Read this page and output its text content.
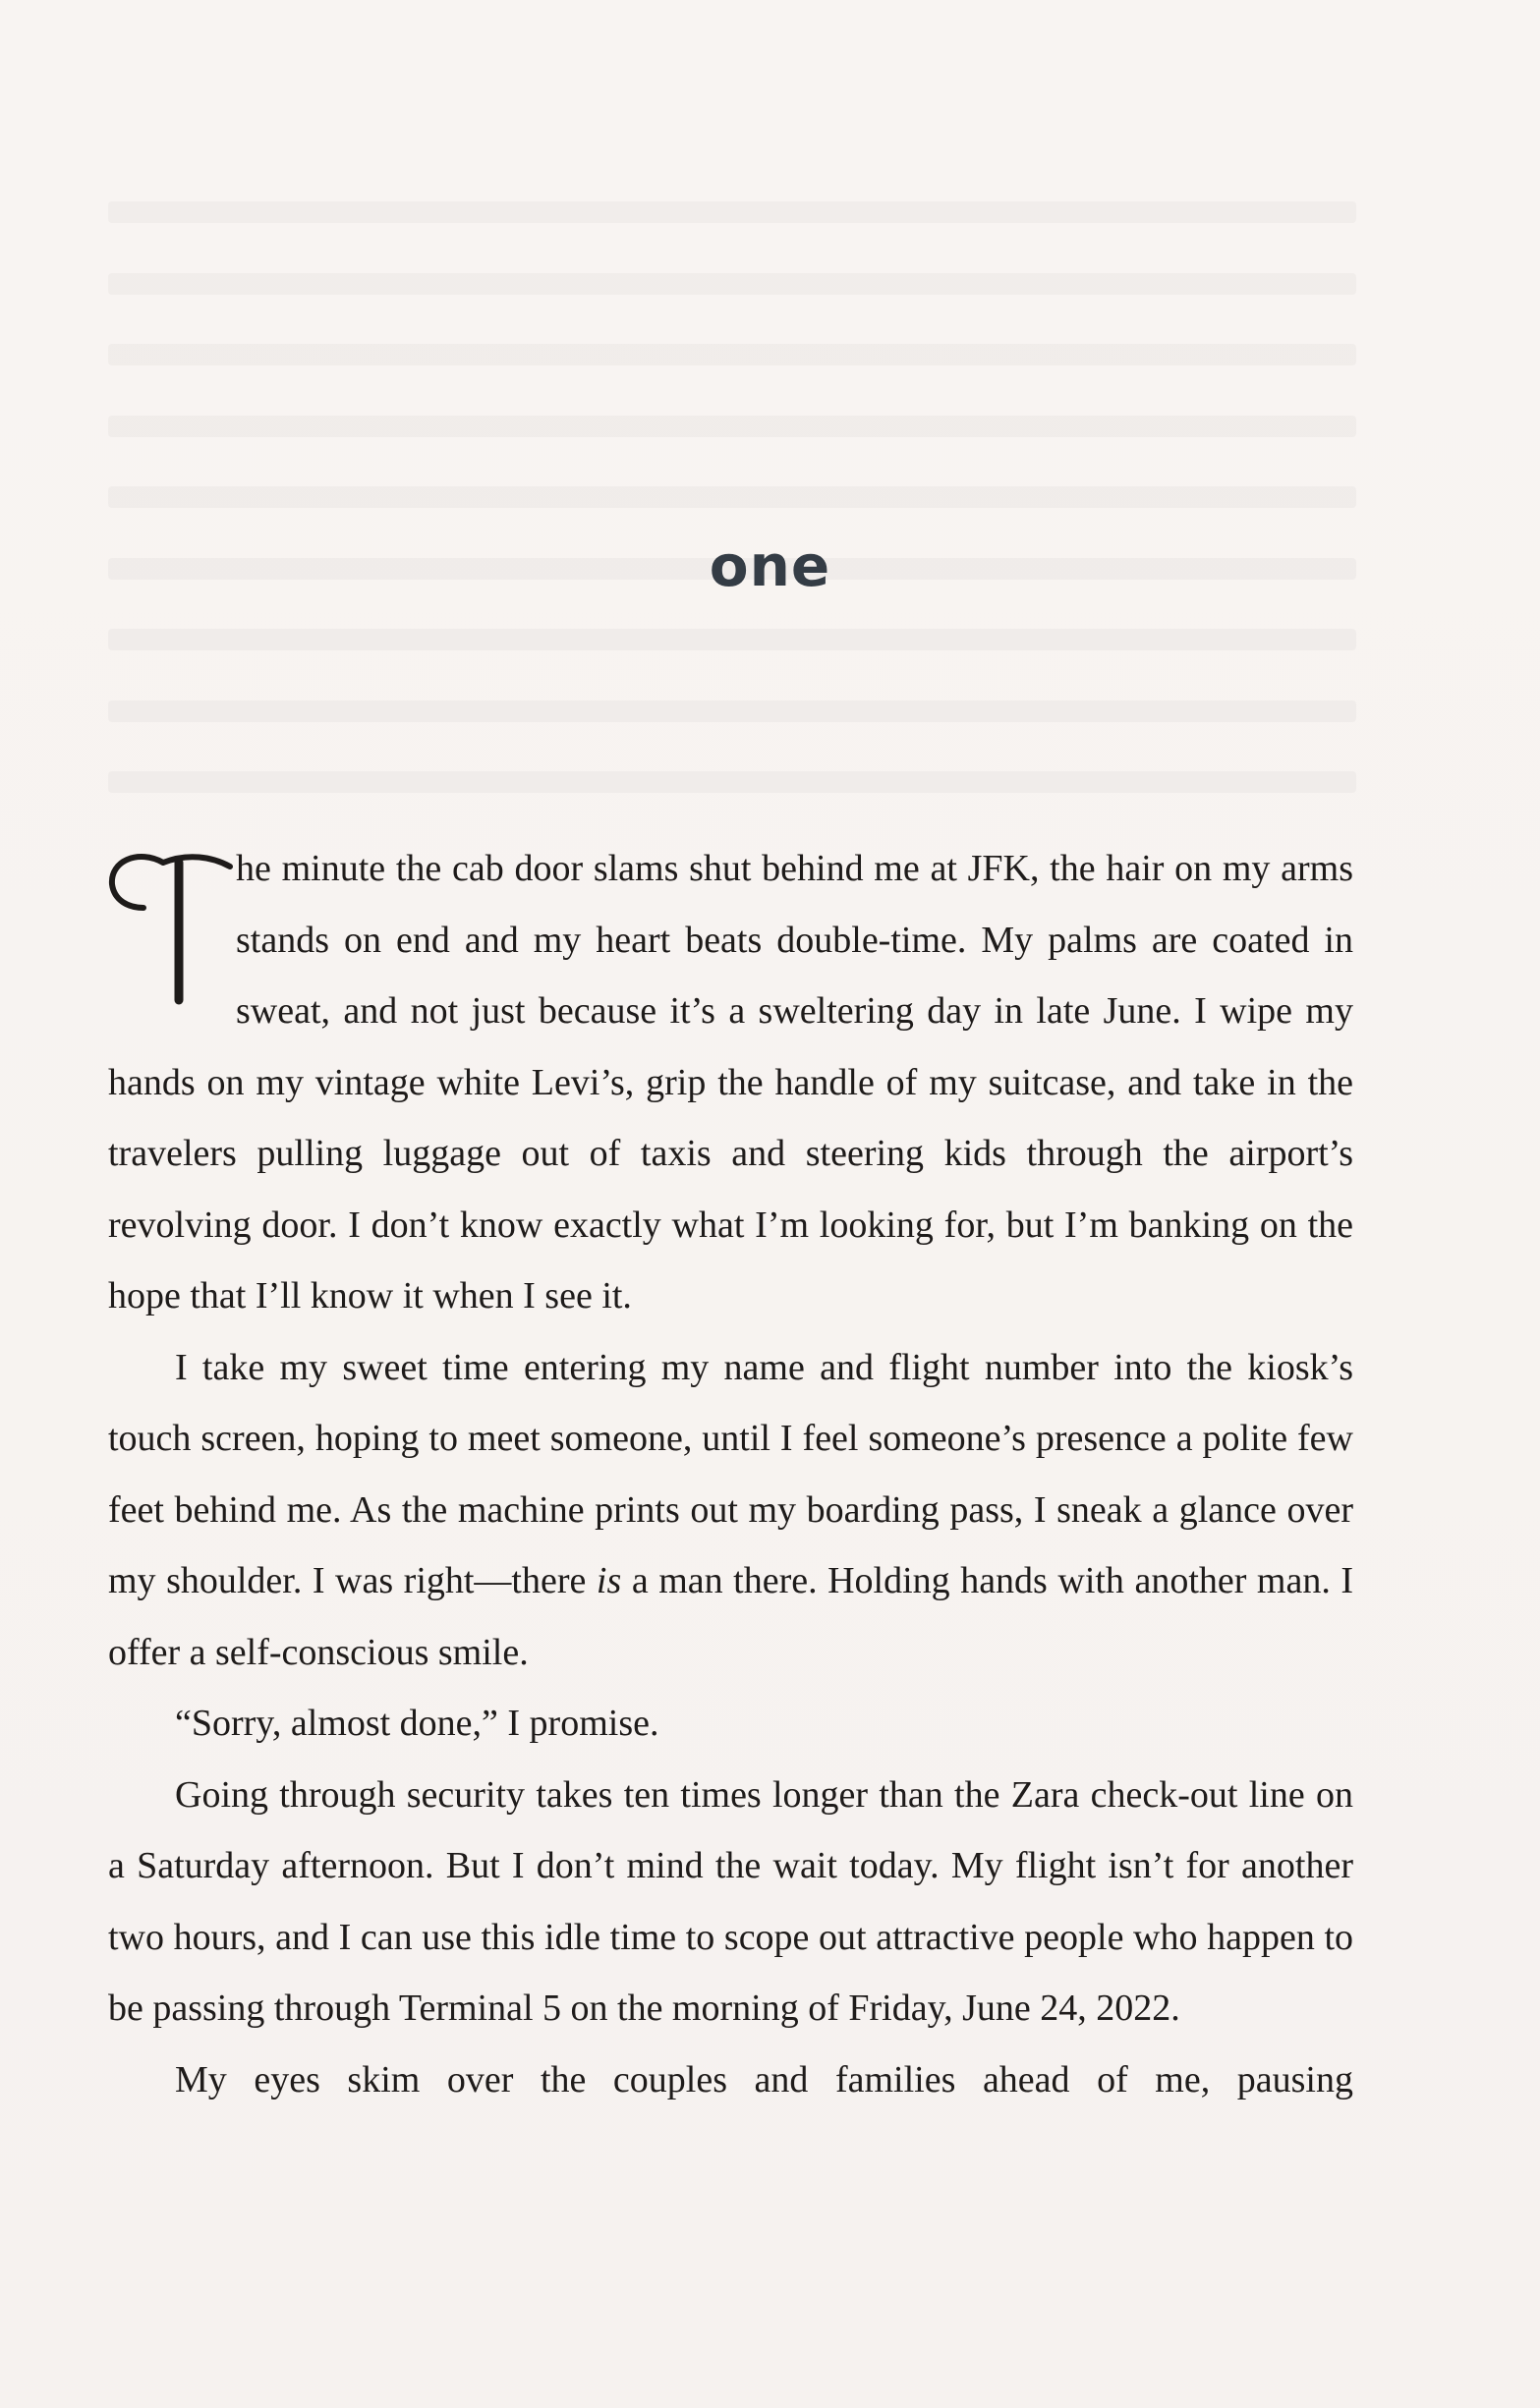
one

T
he minute the cab door slams shut behind me at JFK, the hair on my arms stands on end and my heart beats double-time. My palms are coated in sweat, and not just because it’s a sweltering day in late June. I wipe my hands on my vintage white Levi’s, grip the handle of my suitcase, and take in the travelers pulling luggage out of taxis and steering kids through the airport’s revolving door. I don’t know exactly what I’m looking for, but I’m banking on the hope that I’ll know it when I see it.

I take my sweet time entering my name and flight number into the kiosk’s touch screen, hoping to meet someone, until I feel someone’s presence a polite few feet behind me. As the machine prints out my boarding pass, I sneak a glance over my shoulder. I was right—there is a man there. Holding hands with another man. I offer a self-conscious smile.

“Sorry, almost done,” I promise.

Going through security takes ten times longer than the Zara check-out line on a Saturday afternoon. But I don’t mind the wait today. My flight isn’t for another two hours, and I can use this idle time to scope out attractive people who happen to be passing through Terminal 5 on the morning of Friday, June 24, 2022.

My eyes skim over the couples and families ahead of me, pausing
